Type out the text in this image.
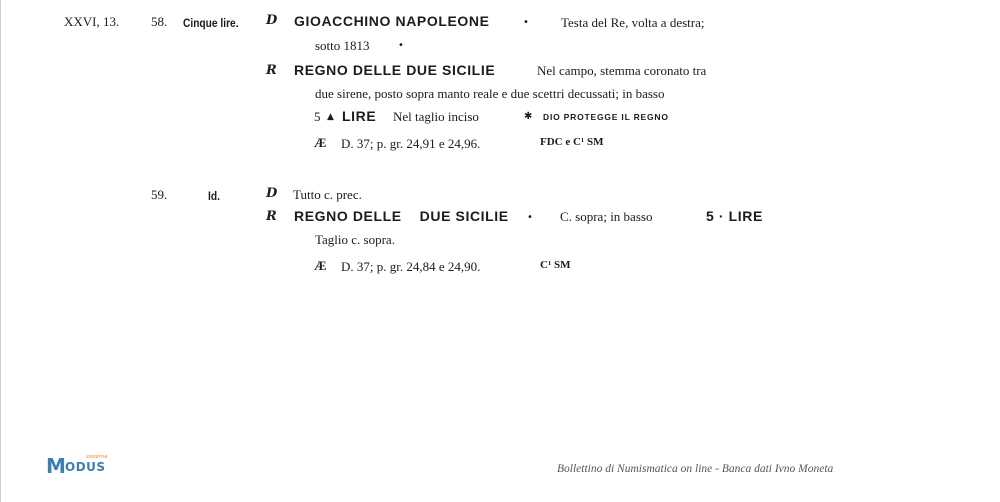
XXVI, 13. 58. Cinque lire.	D GIOACCHINO NAPOLEONE	• Testa del Re, volta a destra;
sotto 1813	•
R REGNO DELLE DUE SICILIE	Nel campo, stemma coronato tra
due sirene, posto sopra manto reale e due scettri decussati; in basso
5 ▲ LIRE Nel taglio inciso	✱ DIO PROTEGGE IL REGNO
Æ D. 37; p. gr. 24,91 e 24,96.	FDC e C¹ SM
59.	Id.	D Tutto c. prec.
R REGNO DELLE    DUE SICILIE • C. sopra; in basso	5 · LIRE
Taglio c. sopra.
Æ D. 37; p. gr. 24,84 e 24,90.	C¹ SM
M	sistema
ODUS	Bollettino di Numismatica on line - Banca dati Ivno Moneta
